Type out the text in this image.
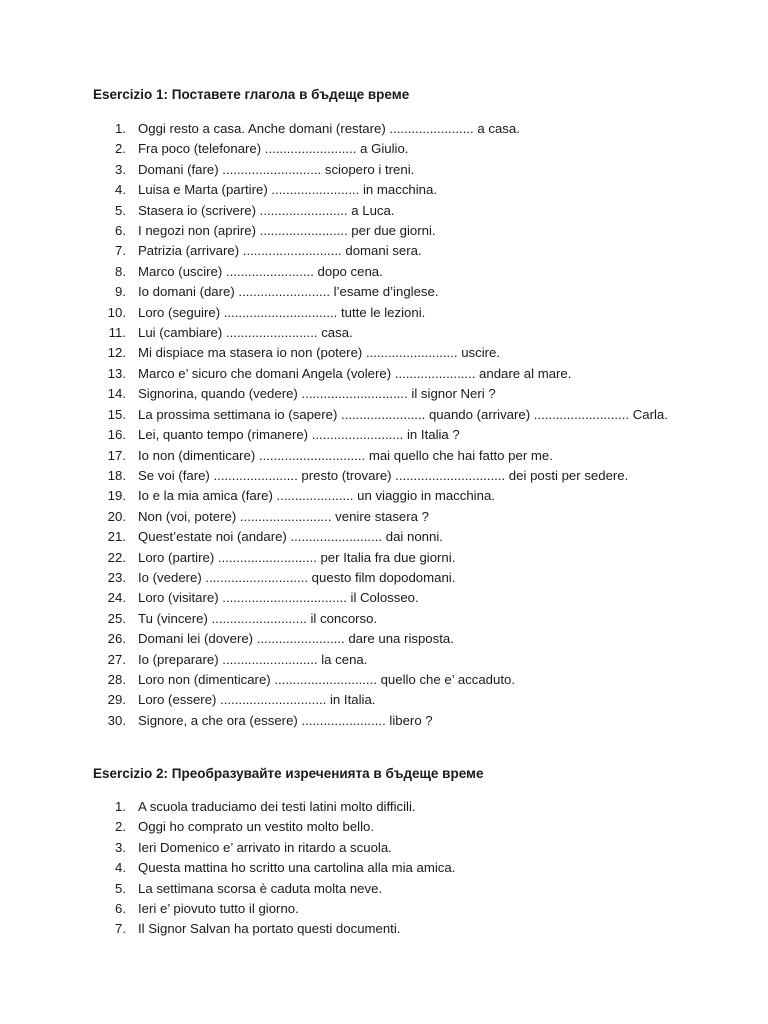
Esercizio 1: Поставете глагола в бъдеще време
1. Oggi resto a casa. Anche domani (restare) ....................... a casa.
2. Fra poco (telefonare) ......................... a Giulio.
3. Domani (fare) ........................... sciopero i treni.
4. Luisa e Marta (partire) ........................ in macchina.
5. Stasera io (scrivere) ........................ a Luca.
6. I negozi non (aprire) ........................ per due giorni.
7. Patrizia (arrivare) ........................... domani sera.
8. Marco (uscire) ........................ dopo cena.
9. Io domani (dare) ......................... l’esame d’inglese.
10. Loro (seguire) ............................... tutte le lezioni.
11. Lui (cambiare) ......................... casa.
12. Mi dispiace ma stasera io non (potere) ......................... uscire.
13. Marco e’ sicuro che domani Angela (volere) ...................... andare al mare.
14. Signorina, quando (vedere) ............................. il signor Neri ?
15. La prossima settimana io (sapere) ....................... quando (arrivare) .......................... Carla.
16. Lei, quanto tempo (rimanere) ......................... in Italia ?
17. Io non (dimenticare) ............................. mai quello che hai fatto per me.
18. Se voi (fare) ....................... presto (trovare) .............................. dei posti per sedere.
19. Io e la mia amica (fare) ..................... un viaggio in macchina.
20. Non (voi, potere) ......................... venire stasera ?
21. Quest’estate noi (andare) ......................... dai nonni.
22. Loro (partire) ........................... per Italia fra due giorni.
23. Io (vedere) ............................ questo film dopodomani.
24. Loro (visitare) .................................. il Colosseo.
25. Tu (vincere) .......................... il concorso.
26. Domani lei (dovere) ........................ dare una risposta.
27. Io (preparare) .......................... la cena.
28. Loro non (dimenticare) ............................ quello che e’ accaduto.
29. Loro (essere) ............................. in Italia.
30. Signore, a che ora (essere) ....................... libero ?
Esercizio 2: Преобразувайте изреченията в бъдеще време
1. A scuola traduciamo dei testi latini molto difficili.
2. Oggi ho comprato un vestito molto bello.
3. Ieri Domenico e’ arrivato in ritardo a scuola.
4. Questa mattina ho scritto una cartolina alla mia amica.
5. La settimana scorsa è caduta molta neve.
6. Ieri e’ piovuto tutto il giorno.
7. Il Signor Salvan ha portato questi documenti.
